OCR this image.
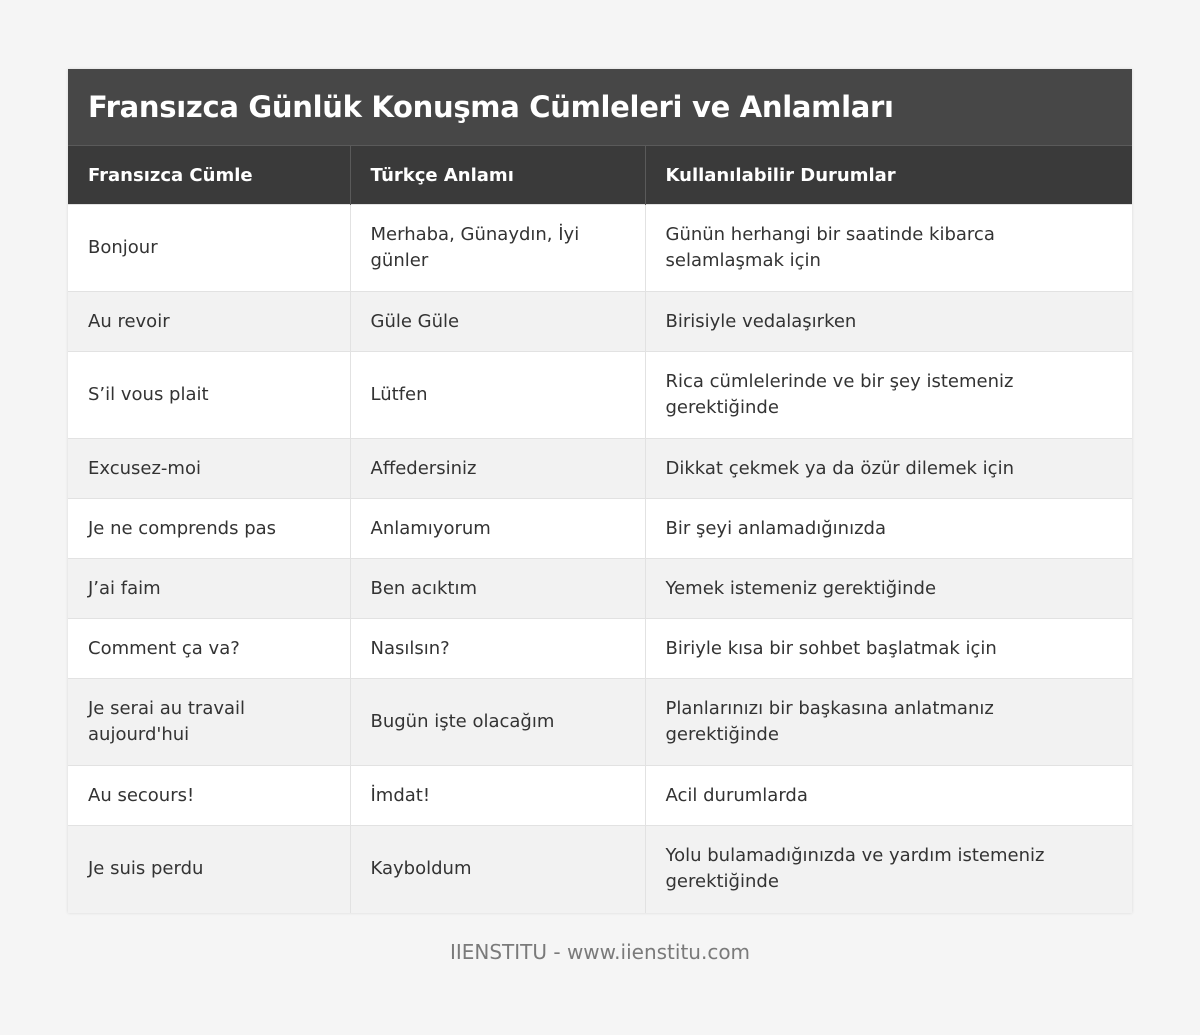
Fransızca Günlük Konuşma Cümleleri ve Anlamları
Fransızca Cümle	Türkçe Anlamı	Kullanılabilir Durumlar
Bonjour	Merhaba, Günaydın, İyi günler	Günün herhangi bir saatinde kibarca selamlaşmak için
Au revoir	Güle Güle	Birisiyle vedalaşırken
S’il vous plait	Lütfen	Rica cümlelerinde ve bir şey istemeniz gerektiğinde
Excusez-moi	Affedersiniz	Dikkat çekmek ya da özür dilemek için
Je ne comprends pas	Anlamıyorum	Bir şeyi anlamadığınızda
J’ai faim	Ben acıktım	Yemek istemeniz gerektiğinde
Comment ça va?	Nasılsın?	Biriyle kısa bir sohbet başlatmak için
Je serai au travail aujourd'hui	Bugün işte olacağım	Planlarınızı bir başkasına anlatmanız gerektiğinde
Au secours!	İmdat!	Acil durumlarda
Je suis perdu	Kayboldum	Yolu bulamadığınızda ve yardım istemeniz gerektiğinde
IIENSTITU - www.iienstitu.com
